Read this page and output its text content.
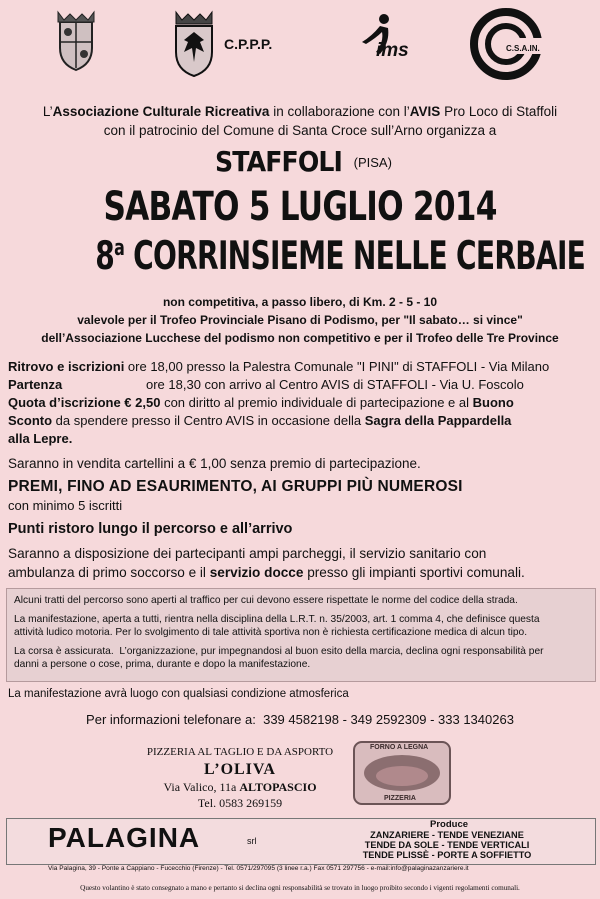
C.P.P.P.	ims	C.S.A.IN.
L’Associazione Culturale Ricreativa in collaborazione con l’AVIS Pro Loco di Staffoli
con il patrocinio del Comune di Santa Croce sull’Arno organizza a
STAFFOLI $^{(PISA)}$
SABATO 5 LUGLIO 2014
8$^a$ CORRINSIEME NELLE CERBAIE
non competitiva, a passo libero, di Km. 2 - 5 - 10
valevole per il Trofeo Provinciale Pisano di Podismo, per "Il sabato… si vince"
dell’Associazione Lucchese del podismo non competitivo e per il Trofeo delle Tre Province
Ritrovo e iscrizioni ore 18,00 presso la Palestra Comunale "I PINI" di STAFFOLI - Via Milano
Partenza	ore 18,30 con arrivo al Centro AVIS di STAFFOLI - Via U. Foscolo
Quota d’iscrizione € 2,50 con diritto al premio individuale di partecipazione e al Buono
Sconto da spendere presso il Centro AVIS in occasione della Sagra della Pappardella
alla Lepre.
Saranno in vendita cartellini a € 1,00 senza premio di partecipazione.
PREMI, FINO AD ESAURIMENTO, AI GRUPPI PIÙ NUMEROSI
con minimo 5 iscritti
Punti ristoro lungo il percorso e all’arrivo
Saranno a disposizione dei partecipanti ampi parcheggi, il servizio sanitario con
ambulanza di primo soccorso e il servizio docce presso gli impianti sportivi comunali.
Alcuni tratti del percorso sono aperti al traffico per cui devono essere rispettate le norme del codice della strada.
La manifestazione, aperta a tutti, rientra nella disciplina della L.R.T. n. 35/2003, art. 1 comma 4, che definisce questa
attività ludico motoria. Per lo svolgimento di tale attività sportiva non è richiesta certificazione medica di alcun tipo.
La corsa è assicurata. L’organizzazione, pur impegnandosi al buon esito della marcia, declina ogni responsabilità per
danni a persone o cose, prima, durante e dopo la manifestazione.
La manifestazione avrà luogo con qualsiasi condizione atmosferica
Per informazioni telefonare a:  339 4582198 - 349 2592309 - 333 1340263
PIZZERIA AL TAGLIO E DA ASPORTO
L’OLIVA
Via Valico, 11a ALTOPASCIO
Tel. 0583 269159
FORNO A LEGNA
PIZZERIA
PALAGINA	srl
Produce
ZANZARIERE - TENDE VENEZIANE
TENDE DA SOLE - TENDE VERTICALI
TENDE PLISSÈ - PORTE A SOFFIETTO
Via Palagina, 39 - Ponte a Cappiano - Fucecchio (Firenze) - Tel. 0571/297095 (3 linee r.a.) Fax 0571 297756 - e-mail:info@palaginazanzariere.it
Questo volantino è stato consegnato a mano e pertanto si declina ogni responsabilità se trovato in luogo proibito secondo i vigenti regolamenti comunali.
